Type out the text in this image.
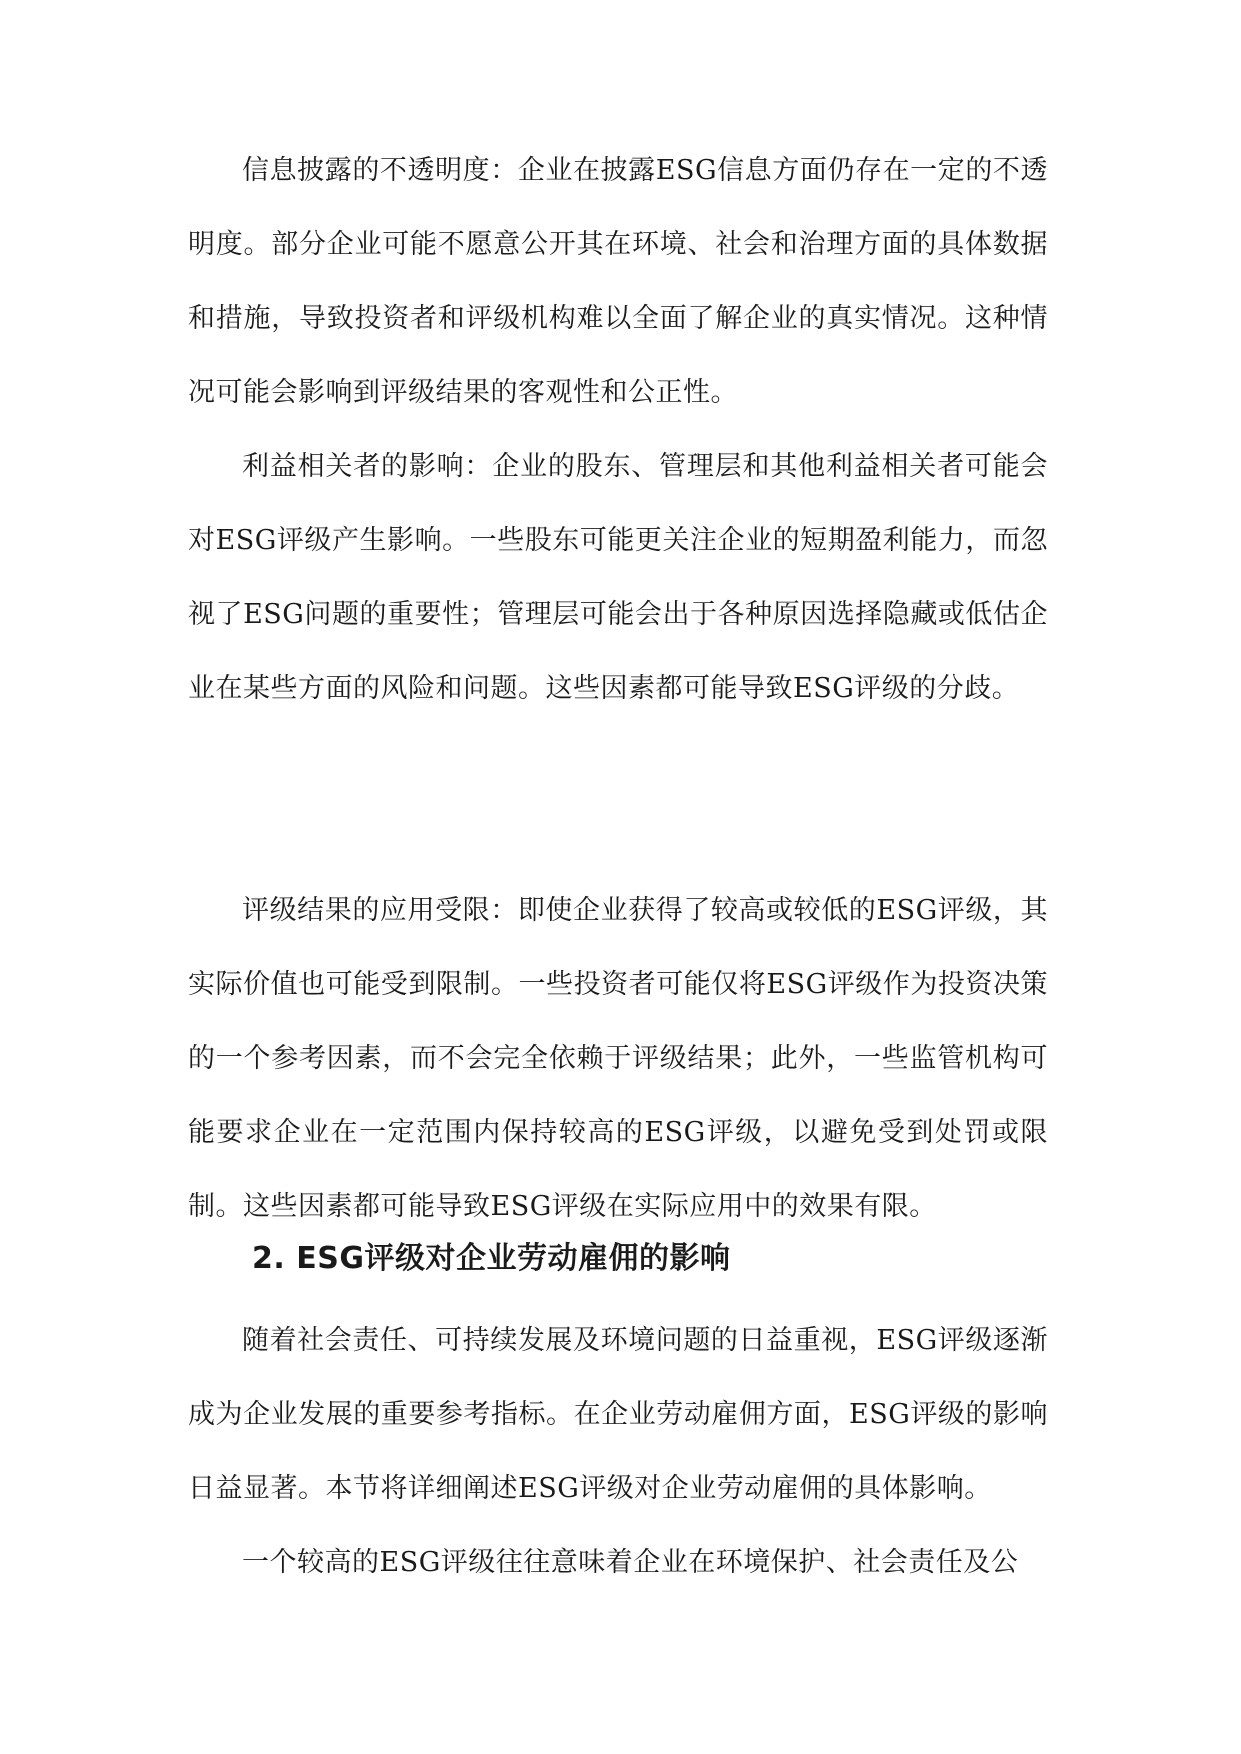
信息披露的不透明度：企业在披露ESG信息方面仍存在一定的不透明度。部分企业可能不愿意公开其在环境、社会和治理方面的具体数据和措施，导致投资者和评级机构难以全面了解企业的真实情况。这种情况可能会影响到评级结果的客观性和公正性。

利益相关者的影响：企业的股东、管理层和其他利益相关者可能会对ESG评级产生影响。一些股东可能更关注企业的短期盈利能力，而忽视了ESG问题的重要性；管理层可能会出于各种原因选择隐藏或低估企业在某些方面的风险和问题。这些因素都可能导致ESG评级的分歧。

评级结果的应用受限：即使企业获得了较高或较低的ESG评级，其实际价值也可能受到限制。一些投资者可能仅将ESG评级作为投资决策的一个参考因素，而不会完全依赖于评级结果；此外，一些监管机构可能要求企业在一定范围内保持较高的ESG评级，以避免受到处罚或限制。这些因素都可能导致ESG评级在实际应用中的效果有限。

2. ESG评级对企业劳动雇佣的影响

随着社会责任、可持续发展及环境问题的日益重视，ESG评级逐渐成为企业发展的重要参考指标。在企业劳动雇佣方面，ESG评级的影响日益显著。本节将详细阐述ESG评级对企业劳动雇佣的具体影响。

一个较高的ESG评级往往意味着企业在环境保护、社会责任及公
